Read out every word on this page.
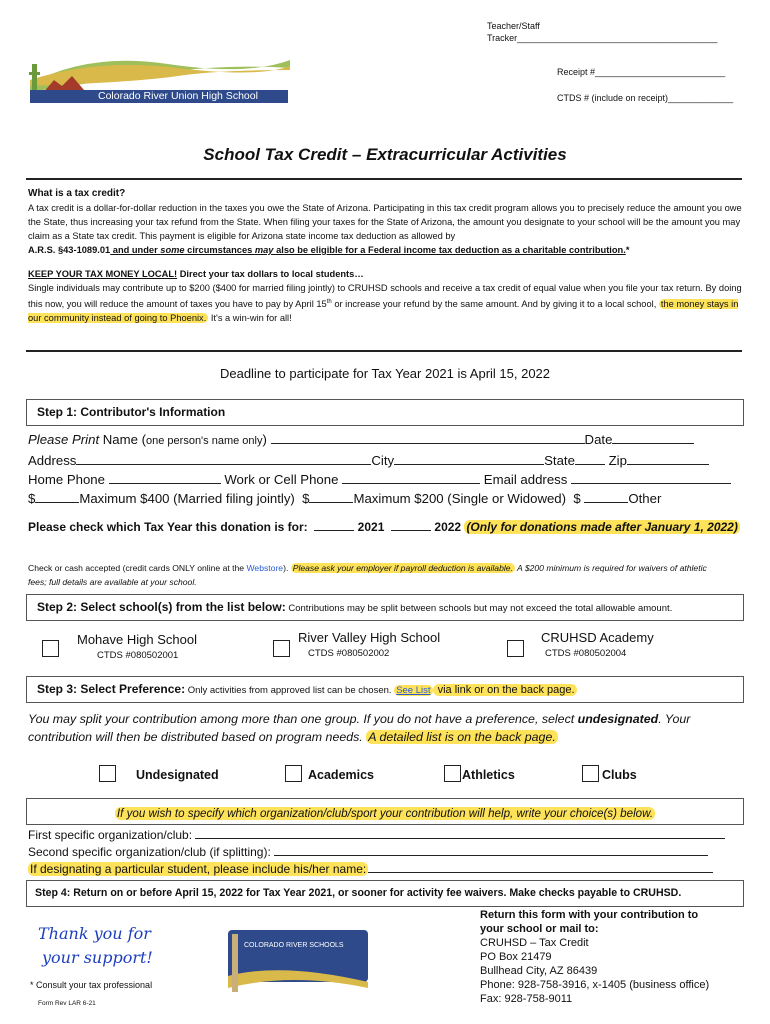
Teacher/Staff
Tracker________________________________________
Receipt #__________________________
CTDS # (include on receipt)_____________
Colorado River Union High School District
School Tax Credit – Extracurricular Activities
What is a tax credit?
A tax credit is a dollar-for-dollar reduction in the taxes you owe the State of Arizona. Participating in this tax credit program allows you to precisely reduce the amount you owe the State, thus increasing your tax refund from the State. When filing your taxes for the State of Arizona, the amount you designate to your school will be the amount you may claim as a State tax credit. This payment is eligible for Arizona state income tax deduction as allowed by
A.R.S. §43-1089.01 and under some circumstances may also be eligible for a Federal income tax deduction as a charitable contribution.*
KEEP YOUR TAX MONEY LOCAL! Direct your tax dollars to local students…
Single individuals may contribute up to $200 ($400 for married filing jointly) to CRUHSD schools and receive a tax credit of equal value when you file your tax return. By doing this now, you will reduce the amount of taxes you have to pay by April 15th or increase your refund by the same amount. And by giving it to a local school, the money stays in our community instead of going to Phoenix. It's a win-win for all!
Deadline to participate for Tax Year 2021 is April 15, 2022
Step 1: Contributor's Information
Please Print Name (one person's name only)	Date
Address	City	State	Zip
Home Phone	Work or Cell Phone	Email address
$	Maximum $400 (Married filing jointly) $	Maximum $200 (Single or Widowed) $	Other
Please check which Tax Year this donation is for:	2021	2022 (Only for donations made after January 1, 2022)
Check or cash accepted (credit cards ONLY online at the Webstore). Please ask your employer if payroll deduction is available. A $200 minimum is required for waivers of athletic fees; full details are available at your school.
Step 2: Select school(s) from the list below: Contributions may be split between schools but may not exceed the total allowable amount.
Mohave High School
CTDS #080502001
River Valley High School
CTDS #080502002
CRUHSD Academy
CTDS #080502004
Step 3: Select Preference: Only activities from approved list can be chosen. See List via link or on the back page.
You may split your contribution among more than one group. If you do not have a preference, select undesignated. Your contribution will then be distributed based on program needs. A detailed list is on the back page.
Undesignated	Academics	Athletics	Clubs
If you wish to specify which organization/club/sport your contribution will help, write your choice(s) below.
First specific organization/club:
Second specific organization/club (if splitting):
If designating a particular student, please include his/her name:
Step 4: Return on or before April 15, 2022 for Tax Year 2021, or sooner for activity fee waivers. Make checks payable to CRUHSD.
Thank you for
your support!
* Consult your tax professional
Form Rev LAR 6-21
COLORADO RIVER SCHOOLS
Return this form with your contribution to
your school or mail to:
CRUHSD – Tax Credit
PO Box 21479
Bullhead City, AZ 86439
Phone: 928-758-3916, x-1405 (business office)
Fax: 928-758-9011
